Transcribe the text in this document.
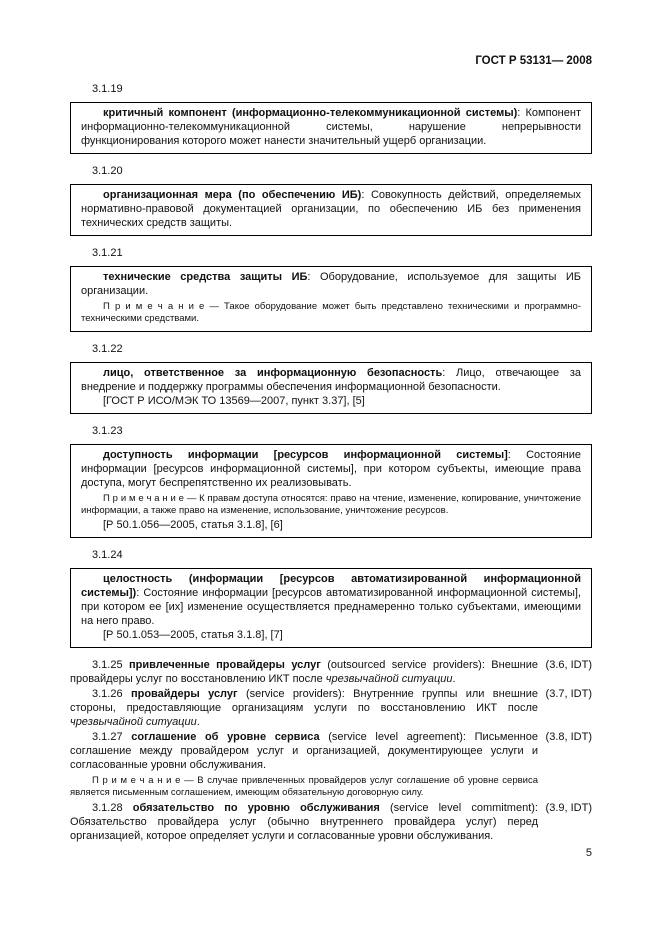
ГОСТ Р 53131— 2008

3.1.19

критичный компонент (информационно-телекоммуникационной системы): Компонент информационно-телекоммуникационной системы, нарушение непрерывности функционирования которого может нанести значительный ущерб организации.

3.1.20

организационная мера (по обеспечению ИБ): Совокупность действий, определяемых нормативно-правовой документацией организации, по обеспечению ИБ без применения технических средств защиты.

3.1.21

технические средства защиты ИБ: Оборудование, используемое для защиты ИБ организации.

П р и м е ч а н и е — Такое оборудование может быть представлено техническими и программно-техническими средствами.

3.1.22

лицо, ответственное за информационную безопасность: Лицо, отвечающее за внедрение и поддержку программы обеспечения информационной безопасности.

[ГОСТ Р ИСО/МЭК ТО 13569—2007, пункт 3.37], [5]

3.1.23

доступность информации [ресурсов информационной системы]: Состояние информации [ресурсов информационной системы], при котором субъекты, имеющие права доступа, могут беспрепятственно их реализовывать.

П р и м е ч а н и е — К правам доступа относятся: право на чтение, изменение, копирование, уничтожение информации, а также право на изменение, использование, уничтожение ресурсов.

[Р 50.1.056—2005, статья 3.1.8], [6]

3.1.24

целостность (информации [ресурсов автоматизированной информационной системы]): Состояние информации [ресурсов автоматизированной информационной системы], при котором ее [их] изменение осуществляется преднамеренно только субъектами, имеющими на него право.

[Р 50.1.053—2005, статья 3.1.8], [7]

3.1.25 привлеченные провайдеры услуг (outsourced service providers): Внешние провайдеры услуг по восстановлению ИКТ после чрезвычайной ситуации.

(3.6, IDT)

3.1.26 провайдеры услуг (service providers): Внутренние группы или внешние стороны, предоставляющие организациям услуги по восстановлению ИКТ после чрезвычайной ситуации.

(3.7, IDT)

3.1.27 соглашение об уровне сервиса (service level agreement): Письменное соглашение между провайдером услуг и организацией, документирующее услуги и согласованные уровни обслуживания.

П р и м е ч а н и е — В случае привлеченных провайдеров услуг соглашение об уровне сервиса является письменным соглашением, имеющим обязательную договорную силу.

(3.8, IDT)

3.1.28 обязательство по уровню обслуживания (service level commitment): Обязательство провайдера услуг (обычно внутреннего провайдера услуг) перед организацией, которое определяет услуги и согласованные уровни обслуживания.

(3.9, IDT)
5
